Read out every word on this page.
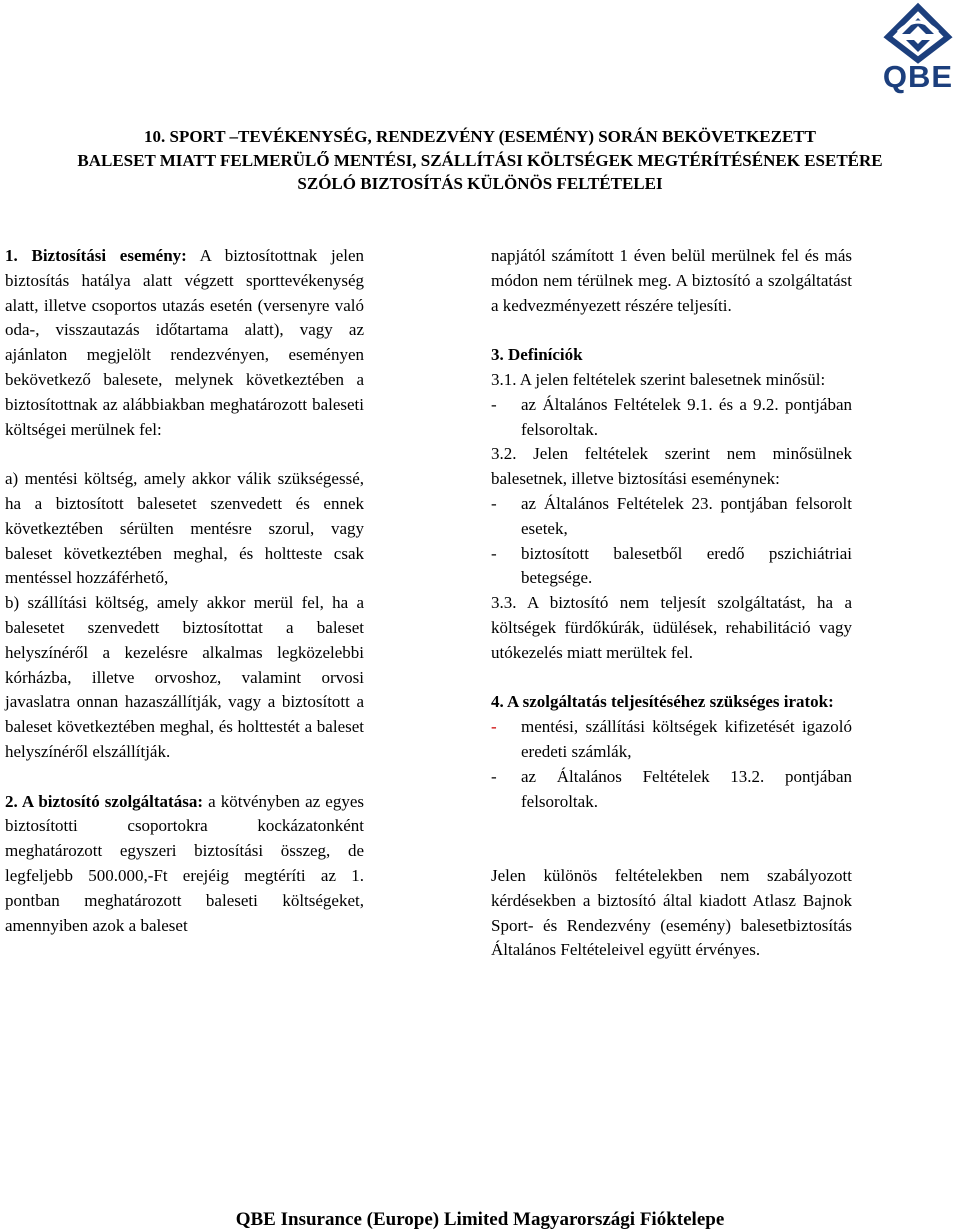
QBE
10. SPORT –TEVÉKENYSÉG, RENDEZVÉNY (ESEMÉNY) SORÁN BEKÖVETKEZETT
BALESET MIATT FELMERÜLŐ MENTÉSI, SZÁLLÍTÁSI KÖLTSÉGEK MEGTÉRÍTÉSÉNEK ESETÉRE
SZÓLÓ BIZTOSÍTÁS KÜLÖNÖS FELTÉTELEI

1. Biztosítási esemény: A biztosítottnak jelen biztosítás hatálya alatt végzett sporttevékenység alatt, illetve csoportos utazás esetén (versenyre való oda-, visszautazás időtartama alatt), vagy az ajánlaton megjelölt rendezvényen, eseményen bekövetkező balesete, melynek következtében a biztosítottnak az alábbiakban meghatározott baleseti költségei merülnek fel:

a) mentési költség, amely akkor válik szükségessé, ha a biztosított balesetet szenvedett és ennek következtében sérülten mentésre szorul, vagy baleset következtében meghal, és holtteste csak mentéssel hozzáférhető,

b) szállítási költség, amely akkor merül fel, ha a balesetet szenvedett biztosítottat a baleset helyszínéről a kezelésre alkalmas legközelebbi kórházba, illetve orvoshoz, valamint orvosi javaslatra onnan hazaszállítják, vagy a biztosított a baleset következtében meghal, és holttestét a baleset helyszínéről elszállítják.

2. A biztosító szolgáltatása: a kötvényben az egyes biztosítotti csoportokra kockázatonként meghatározott egyszeri biztosítási összeg, de legfeljebb 500.000,-Ft erejéig megtéríti az 1. pontban meghatározott baleseti költségeket, amennyiben azok a baleset

napjától számított 1 éven belül merülnek fel és más módon nem térülnek meg. A biztosító a szolgáltatást a kedvezményezett részére teljesíti.

3. Definíciók

3.1. A jelen feltételek szerint balesetnek minősül:

-	az Általános Feltételek 9.1. és a 9.2. pontjában felsoroltak.

3.2. Jelen feltételek szerint nem minősülnek balesetnek, illetve biztosítási eseménynek:

-	az Általános Feltételek 23. pontjában felsorolt esetek,
-	biztosított balesetből eredő pszichiátriai betegsége.

3.3. A biztosító nem teljesít szolgáltatást, ha a költségek fürdőkúrák, üdülések, rehabilitáció vagy utókezelés miatt merültek fel.

4. A szolgáltatás teljesítéséhez szükséges iratok:

-	mentési, szállítási költségek kifizetését igazoló eredeti számlák,
-	az Általános Feltételek 13.2. pontjában felsoroltak.

Jelen különös feltételekben nem szabályozott kérdésekben a biztosító által kiadott Atlasz Bajnok Sport- és Rendezvény (esemény) balesetbiztosítás Általános Feltételeivel együtt érvényes.

QBE Insurance (Europe) Limited Magyarországi Fióktelepe
